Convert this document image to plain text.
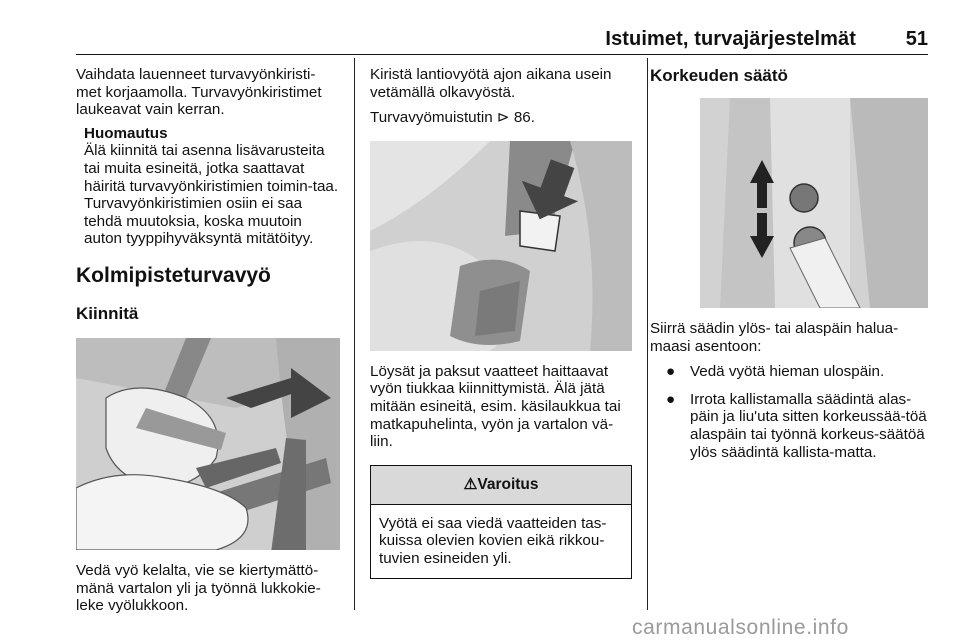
Istuimet, turvajärjestelmät 51

Vaihdata lauenneet turvavyönkiristi-met korjaamolla. Turvavyönkiristimet laukeavat vain kerran.

Huomautus

Älä kiinnitä tai asenna lisävarusteita tai muita esineitä, jotka saattavat häiritä turvavyönkiristimien toimin-taa. Turvavyönkiristimien osiin ei saa tehdä muutoksia, koska muutoin auton tyyppihyväksyntä mitätöityy.

Kolmipisteturvavyö

Kiinnitä

Vedä vyö kelalta, vie se kiertymättö-mänä vartalon yli ja työnnä lukkokie-leke vyölukkoon.

Kiristä lantiovyötä ajon aikana usein vetämällä olkavyöstä.

Turvavyömuistutin ⊳ 86.

Löysät ja paksut vaatteet haittaavat vyön tiukkaa kiinnittymistä. Älä jätä mitään esineitä, esim. käsilaukkua tai matkapuhelinta, vyön ja vartalon vä-liin.

⚠Varoitus
Vyötä ei saa viedä vaatteiden tas-kuissa olevien kovien eikä rikkou-tuvien esineiden yli.

Korkeuden säätö

Siirrä säädin ylös- tai alaspäin halua-maasi asentoon:

● Vedä vyötä hieman ulospäin.
● Irrota kallistamalla säädintä alas-päin ja liu'uta sitten korkeussää-töä alaspäin tai työnnä korkeus-säätöä ylös säädintä kallista-matta.
carmanualsonline.info
